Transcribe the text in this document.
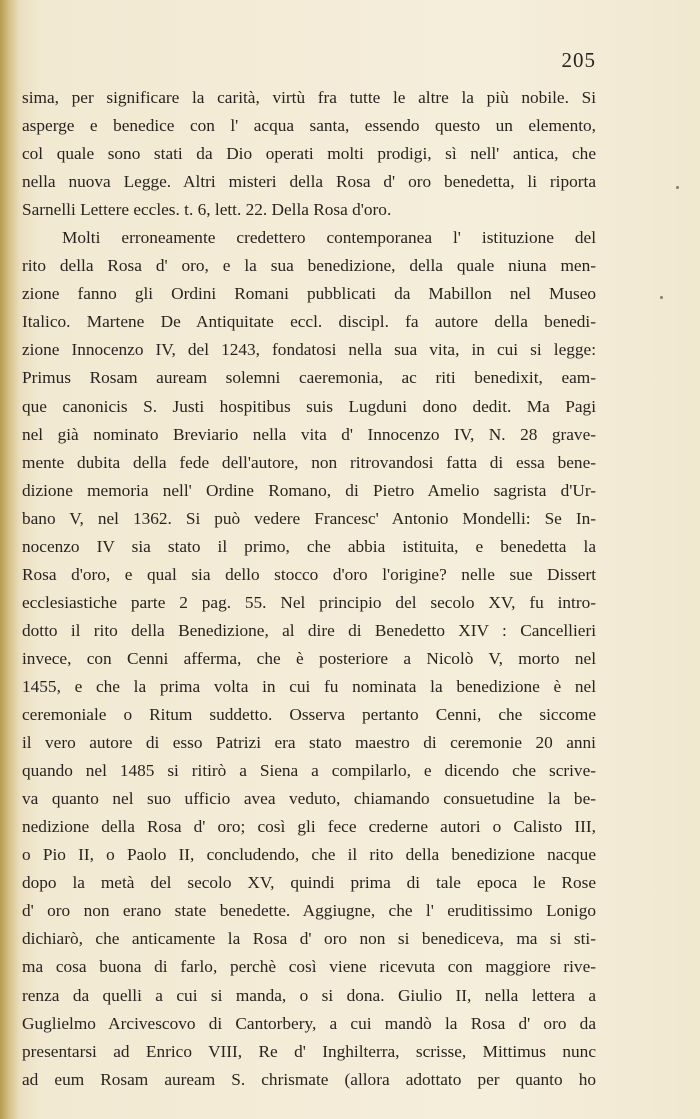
205
sima, per significare la carità, virtù fra tutte le altre la più nobile. Si
asperge e benedice con l' acqua santa, essendo questo un elemento,
col quale sono stati da Dio operati molti prodigi, sì nell' antica, che
nella nuova Legge. Altri misteri della Rosa d' oro benedetta, li riporta
Sarnelli Lettere eccles. t. 6, lett. 22. Della Rosa d'oro.
Molti erroneamente credettero contemporanea l' istituzione del
rito della Rosa d' oro, e la sua benedizione, della quale niuna men-
zione fanno gli Ordini Romani pubblicati da Mabillon nel Museo
Italico. Martene De Antiquitate eccl. discipl. fa autore della benedi-
zione Innocenzo IV, del 1243, fondatosi nella sua vita, in cui si legge:
Primus Rosam auream solemni caeremonia, ac riti benedixit, eam-
que canonicis S. Justi hospitibus suis Lugduni dono dedit. Ma Pagi
nel già nominato Breviario nella vita d' Innocenzo IV, N. 28 grave-
mente dubita della fede dell'autore, non ritrovandosi fatta di essa bene-
dizione memoria nell' Ordine Romano, di Pietro Amelio sagrista d'Ur-
bano V, nel 1362. Si può vedere Francesc' Antonio Mondelli: Se In-
nocenzo IV sia stato il primo, che abbia istituita, e benedetta la
Rosa d'oro, e qual sia dello stocco d'oro l'origine? nelle sue Dissert
ecclesiastiche parte 2 pag. 55. Nel principio del secolo XV, fu intro-
dotto il rito della Benedizione, al dire di Benedetto XIV : Cancellieri
invece, con Cenni afferma, che è posteriore a Nicolò V, morto nel
1455, e che la prima volta in cui fu nominata la benedizione è nel
ceremoniale o Ritum suddetto. Osserva pertanto Cenni, che siccome
il vero autore di esso Patrizi era stato maestro di ceremonie 20 anni
quando nel 1485 si ritirò a Siena a compilarlo, e dicendo che scrive-
va quanto nel suo ufficio avea veduto, chiamando consuetudine la be-
nedizione della Rosa d' oro; così gli fece crederne autori o Calisto III,
o Pio II, o Paolo II, concludendo, che il rito della benedizione nacque
dopo la metà del secolo XV, quindi prima di tale epoca le Rose
d' oro non erano state benedette. Aggiugne, che l' eruditissimo Lonigo
dichiarò, che anticamente la Rosa d' oro non si benediceva, ma si sti-
ma cosa buona di farlo, perchè così viene ricevuta con maggiore rive-
renza da quelli a cui si manda, o si dona. Giulio II, nella lettera a
Guglielmo Arcivescovo di Cantorbery, a cui mandò la Rosa d' oro da
presentarsi ad Enrico VIII, Re d' Inghilterra, scrisse, Mittimus nunc
ad eum Rosam auream S. chrismate (allora adottato per quanto ho
